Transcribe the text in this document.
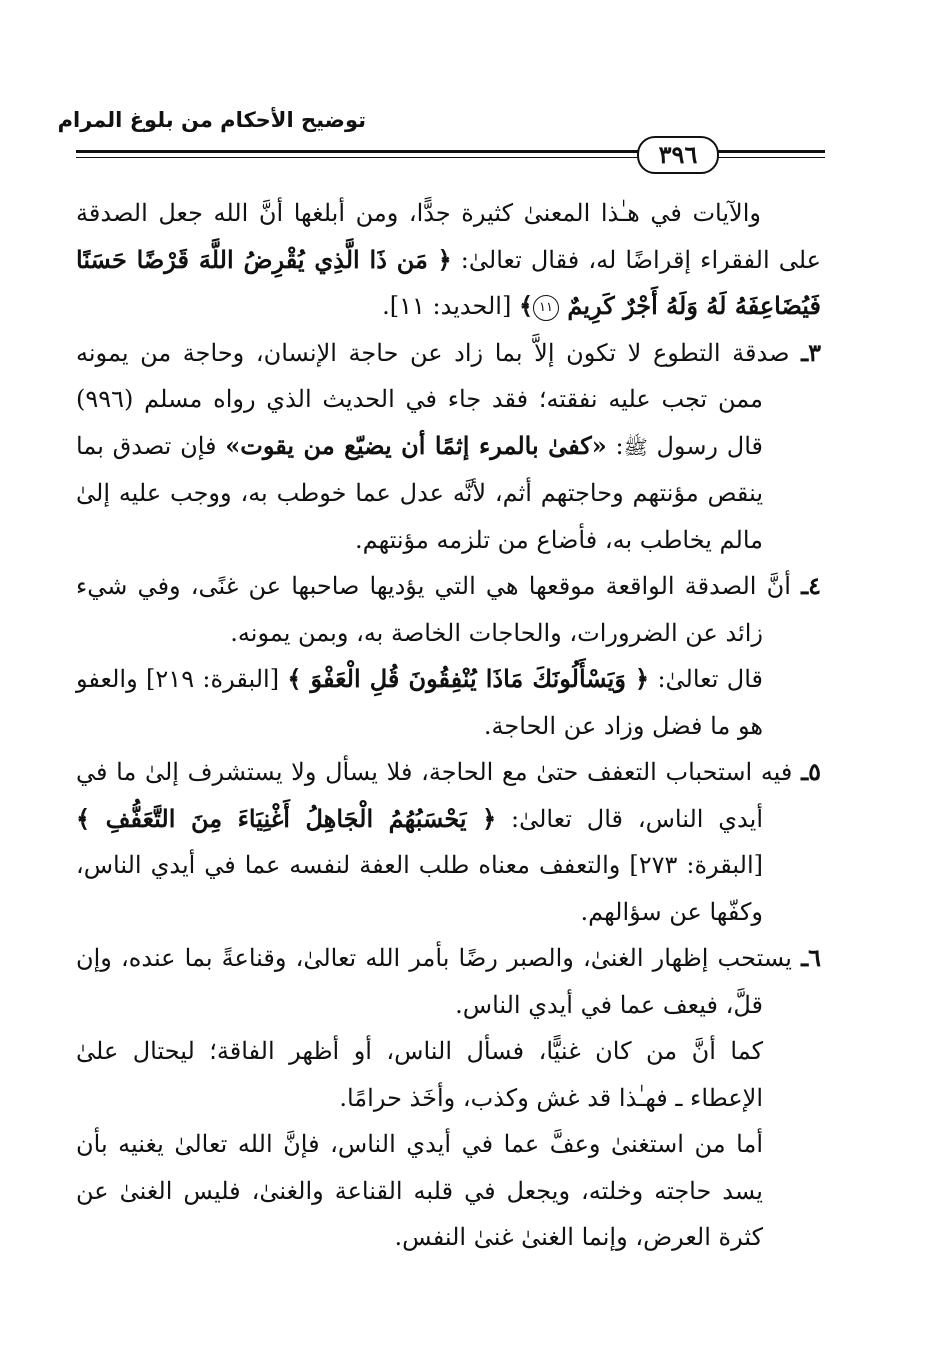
توضيح الأحكام من بلوغ المرام
٣٩٦

والآيات في هـٰذا المعنىٰ كثيرة جدًّا، ومن أبلغها أنَّ الله جعل الصدقة على الفقراء إقراضًا له، فقال تعالىٰ: ﴿ مَن ذَا الَّذِي يُقْرِضُ اللَّهَ قَرْضًا حَسَنًا فَيُضَاعِفَهُ لَهُ وَلَهُ أَجْرٌ كَرِيمٌ ١١﴾ [الحديد: ١١].

٣ـ صدقة التطوع لا تكون إلاَّ بما زاد عن حاجة الإنسان، وحاجة من يمونه ممن تجب عليه نفقته؛ فقد جاء في الحديث الذي رواه مسلم (٩٩٦) قال رسول ﷺ: «كفىٰ بالمرء إثمًا أن يضيّع من يقوت» فإن تصدق بما ينقص مؤنتهم وحاجتهم أثم، لأنَّه عدل عما خوطب به، ووجب عليه إلىٰ مالم يخاطب به، فأضاع من تلزمه مؤنتهم.

٤ـ أنَّ الصدقة الواقعة موقعها هي التي يؤديها صاحبها عن غنًى، وفي شيء زائد عن الضرورات، والحاجات الخاصة به، وبمن يمونه.

قال تعالىٰ: ﴿ وَيَسْأَلُونَكَ مَاذَا يُنْفِقُونَ قُلِ الْعَفْوَ ﴾ [البقرة: ٢١٩] والعفو هو ما فضل وزاد عن الحاجة.

٥ـ فيه استحباب التعفف حتىٰ مع الحاجة، فلا يسأل ولا يستشرف إلىٰ ما في أيدي الناس، قال تعالىٰ: ﴿ يَحْسَبُهُمُ الْجَاهِلُ أَغْنِيَاءَ مِنَ التَّعَفُّفِ ﴾ [البقرة: ٢٧٣] والتعفف معناه طلب العفة لنفسه عما في أيدي الناس، وكفّها عن سؤالهم.

٦ـ يستحب إظهار الغنىٰ، والصبر رضًا بأمر الله تعالىٰ، وقناعةً بما عنده، وإن قلَّ، فيعف عما في أيدي الناس.

كما أنَّ من كان غنيًّا، فسأل الناس، أو أظهر الفاقة؛ ليحتال علىٰ الإعطاء ـ فهـٰذا قد غش وكذب، وأخَذ حرامًا.

أما من استغنىٰ وعفَّ عما في أيدي الناس، فإنَّ الله تعالىٰ يغنيه بأن يسد حاجته وخلته، ويجعل في قلبه القناعة والغنىٰ، فليس الغنىٰ عن كثرة العرض، وإنما الغنىٰ غنىٰ النفس.
